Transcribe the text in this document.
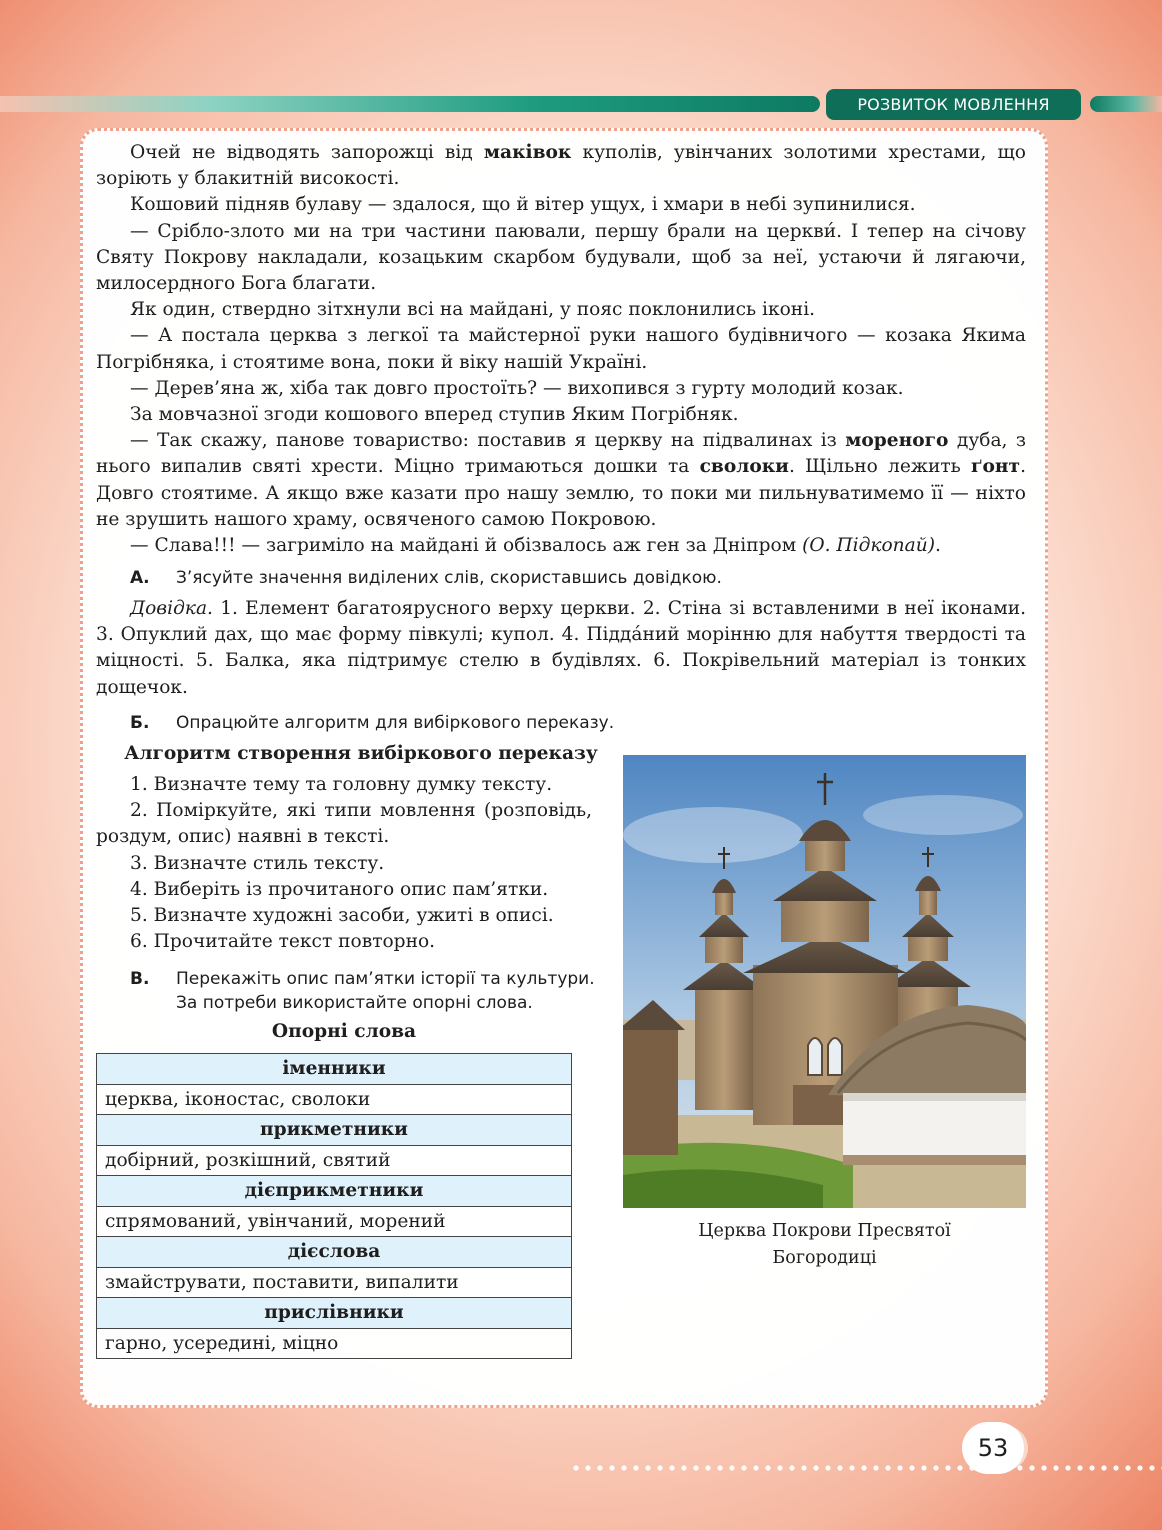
РОЗВИТОК МОВЛЕННЯ

Очей не відводять запорожці від маківок куполів, увінчаних золотими хрестами, що зоріють у блакитній високості.

Кошовий підняв булаву — здалося, що й вітер ущух, і хмари в небі зупинилися.

— Срібло-злото ми на три частини паювали, першу брали на церкви́. І тепер на січову Святу Покрову накладали, козацьким скарбом будували, щоб за неї, устаючи й лягаючи, милосердного Бога благати.

Як один, ствердно зітхнули всі на майдані, у пояс поклонились іконі.

— А постала церква з легкої та майстерної руки нашого будівничого — козака Якима Погрібняка, і стоятиме вона, поки й віку нашій Україні.

— Дерев’яна ж, хіба так довго простоїть? — вихопився з гурту молодий козак.

За мовчазної згоди кошового вперед ступив Яким Погрібняк.

— Так скажу, панове товариство: поставив я церкву на підвалинах із мореного дуба, з нього випалив святі хрести. Міцно тримаються дошки та сволоки. Щільно лежить ґонт. Довго стоятиме. А якщо вже казати про нашу землю, то поки ми пильнуватимемо її — ніхто не зрушить нашого храму, освяченого самою Покровою.

— Слава!!! — загриміло на майдані й обізвалось аж ген за Дніпром (О. Підкопай).

А. З’ясуйте значення виділених слів, скориставшись довідкою.

Довідка. 1. Елемент багатоярусного верху церкви. 2. Стіна зі вставленими в неї іконами. 3. Опуклий дах, що має форму півкулі; купол. 4. Підда́ний морінню для набуття твердості та міцності. 5. Балка, яка підтримує стелю в будівлях. 6. Покрівельний матеріал із тонких дощечок.

Б. Опрацюйте алгоритм для вибіркового переказу.
Алгоритм створення вибіркового переказу

1. Визначте тему та головну думку тексту.

2. Поміркуйте, які типи мовлення (розповідь, роздум, опис) наявні в тексті.

3. Визначте стиль тексту.

4. Виберіть із прочитаного опис пам’ятки.

5. Визначте художні засоби, ужиті в описі.

6. Прочитайте текст повторно.

В. Перекажіть опис пам’ятки історії та культури. За потреби використайте опорні слова.
Опорні слова
іменники
церква, іконостас, сволоки
прикметники
добірний, розкішний, святий
дієприкметники
спрямований, увінчаний, морений
дієслова
змайструвати, поставити, випалити
прислівники
гарно, усередині, міцно
Церква Покрови Пресвятої
Богородиці
53
